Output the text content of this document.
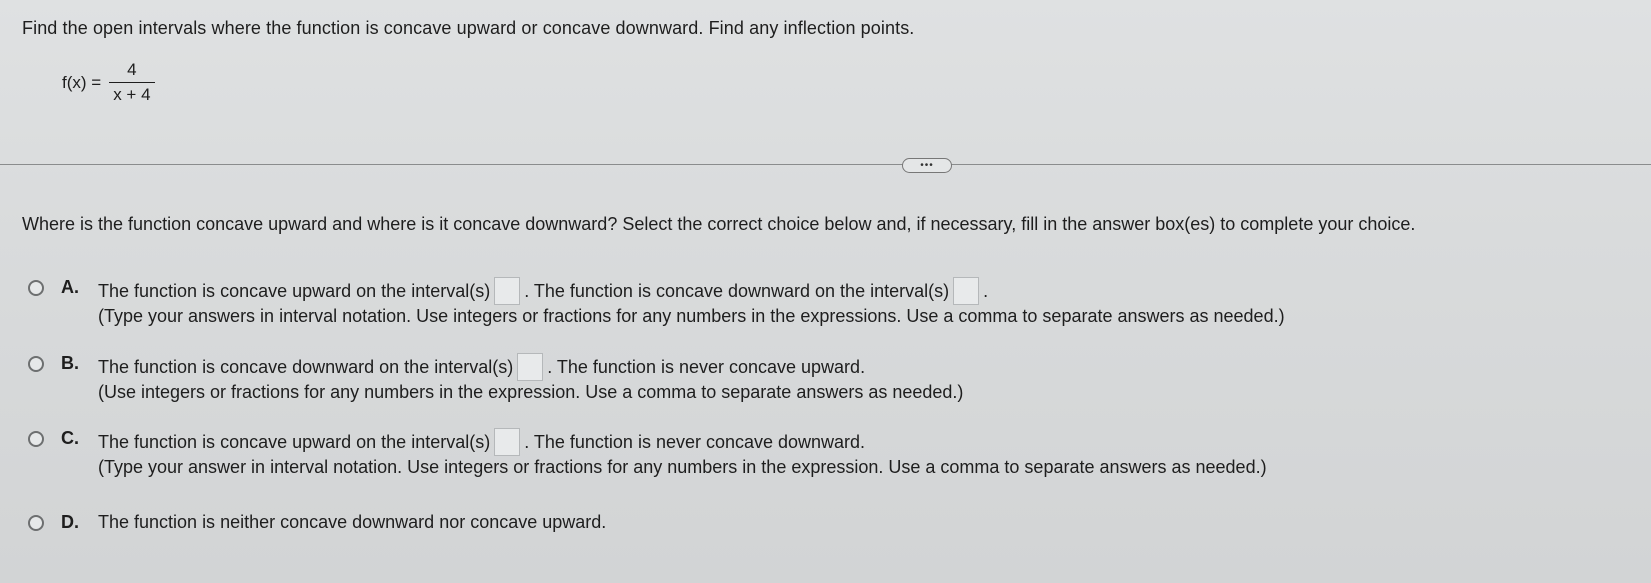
Find the open intervals where the function is concave upward or concave downward. Find any inflection points.
$f(x) = \frac{4}{x + 4}$
•••
Where is the function concave upward and where is it concave downward? Select the correct choice below and, if necessary, fill in the answer box(es) to complete your choice.
A. The function is concave upward on the interval(s) . The function is concave downward on the interval(s) .
(Type your answers in interval notation. Use integers or fractions for any numbers in the expressions. Use a comma to separate answers as needed.)
B. The function is concave downward on the interval(s) . The function is never concave upward.
(Use integers or fractions for any numbers in the expression. Use a comma to separate answers as needed.)
C. The function is concave upward on the interval(s) . The function is never concave downward.
(Type your answer in interval notation. Use integers or fractions for any numbers in the expression. Use a comma to separate answers as needed.)
D. The function is neither concave downward nor concave upward.
